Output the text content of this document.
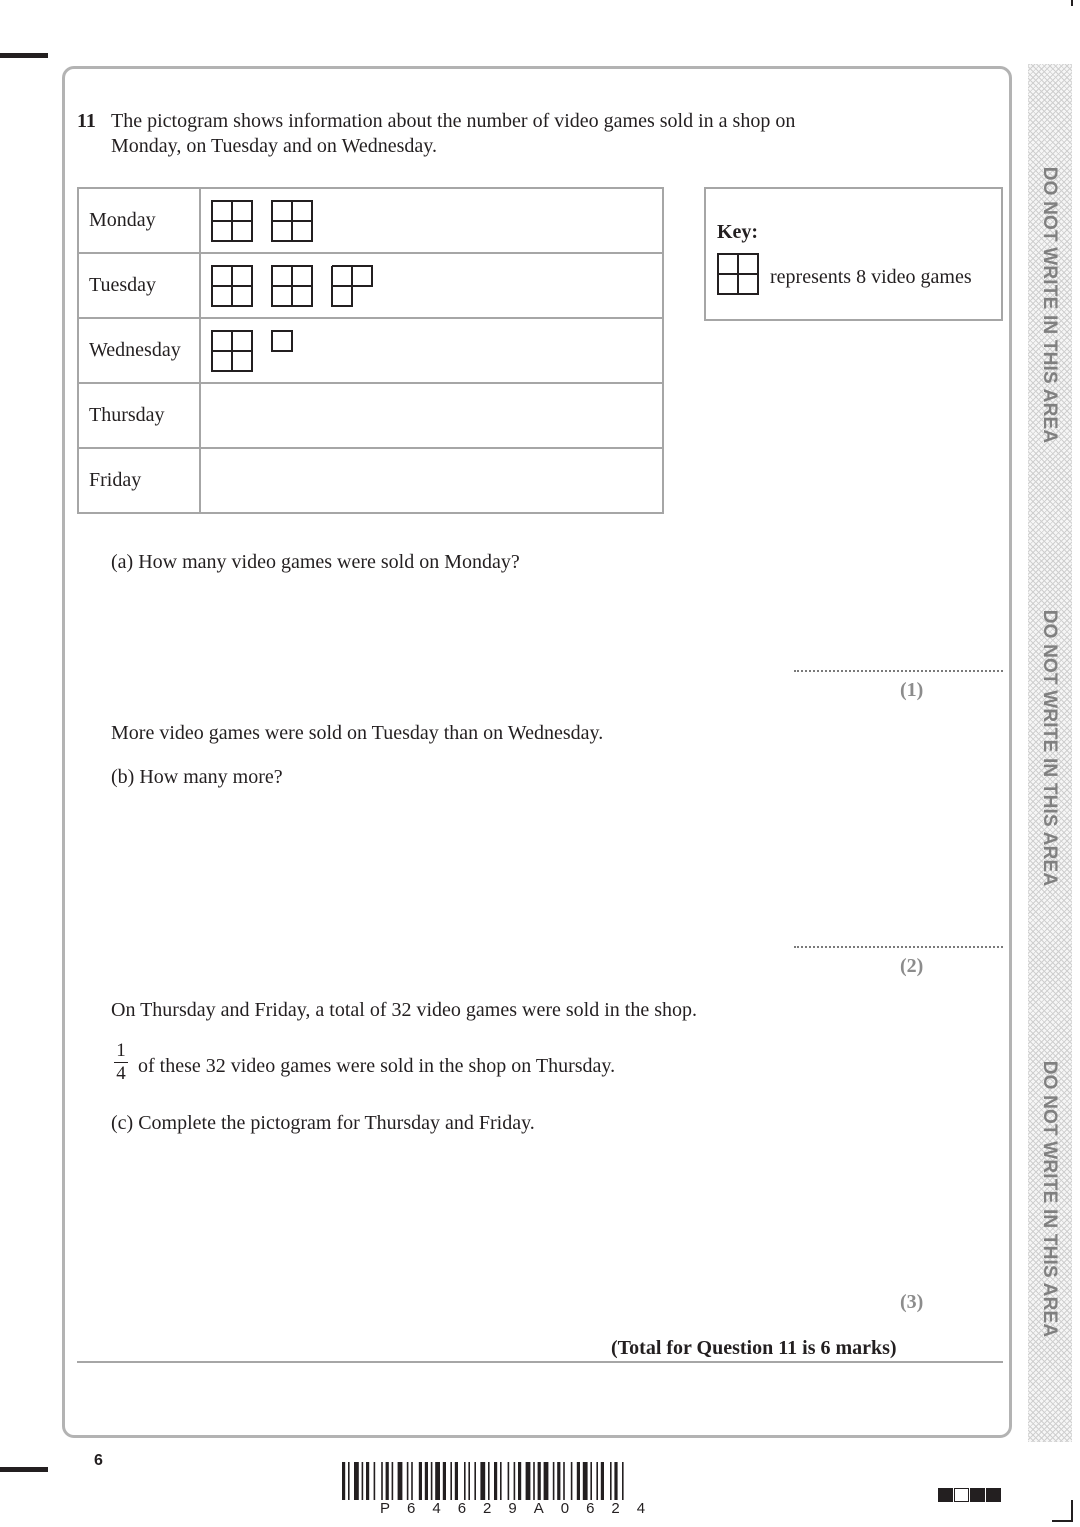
DO NOT WRITE IN THIS AREA
DO NOT WRITE IN THIS AREA
DO NOT WRITE IN THIS AREA
11 The pictogram shows information about the number of video games sold in a shop on
Monday, on Tuesday and on Wednesday.
Monday	

Tuesday	

Wednesday	

Thursday	

Friday	
Key:
represents 8 video games
(a) How many video games were sold on Monday?
(1)
More video games were sold on Tuesday than on Wednesday.
(b) How many more?
(2)
On Thursday and Friday, a total of 32 video games were sold in the shop.
1
4 of these 32 video games were sold in the shop on Thursday.
(c) Complete the pictogram for Thursday and Friday.
(3)
(Total for Question 11 is 6 marks)
6
P64629A0624
